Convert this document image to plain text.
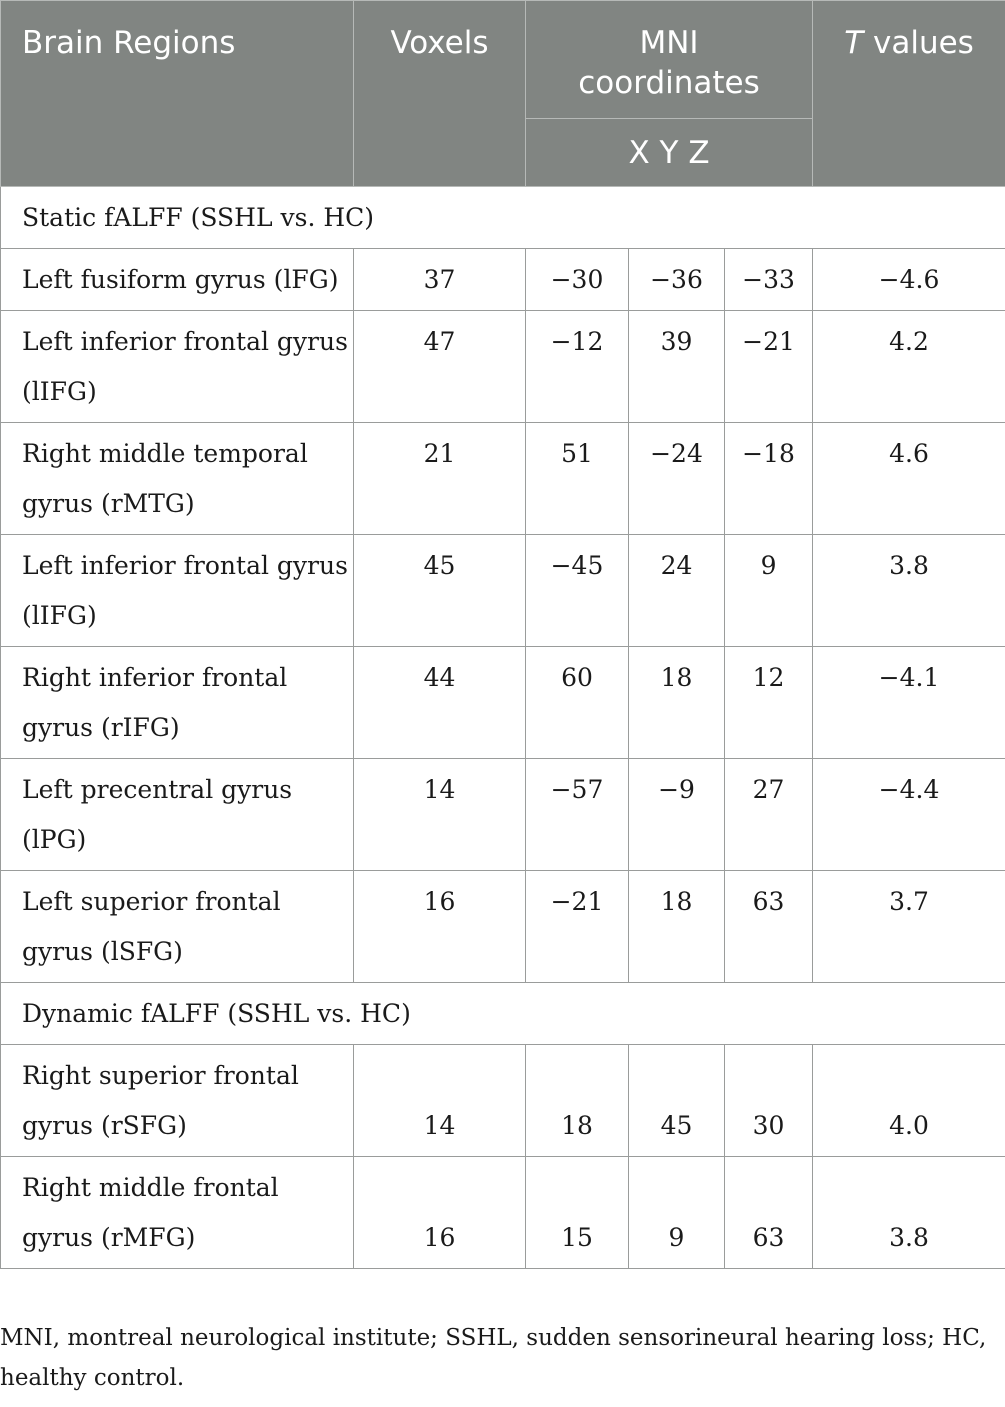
Brain Regions	Voxels	MNI coordinates			T values
		X Y Z			
Static fALFF (SSHL vs. HC)					
Left fusiform gyrus (lFG)	37	−30	−36	−33	−4.6
Left inferior frontal gyrus (lIFG)	47	−12	39	−21	4.2
Right middle temporal gyrus (rMTG)	21	51	−24	−18	4.6
Left inferior frontal gyrus (lIFG)	45	−45	24	9	3.8
Right inferior frontal gyrus (rIFG)	44	60	18	12	−4.1
Left precentral gyrus (lPG)	14	−57	−9	27	−4.4
Left superior frontal gyrus (lSFG)	16	−21	18	63	3.7
Dynamic fALFF (SSHL vs. HC)					
Right superior frontal gyrus (rSFG)	14	18	45	30	4.0
Right middle frontal gyrus (rMFG)	16	15	9	63	3.8

MNI, montreal neurological institute; SSHL, sudden sensorineural hearing loss; HC, healthy control.
